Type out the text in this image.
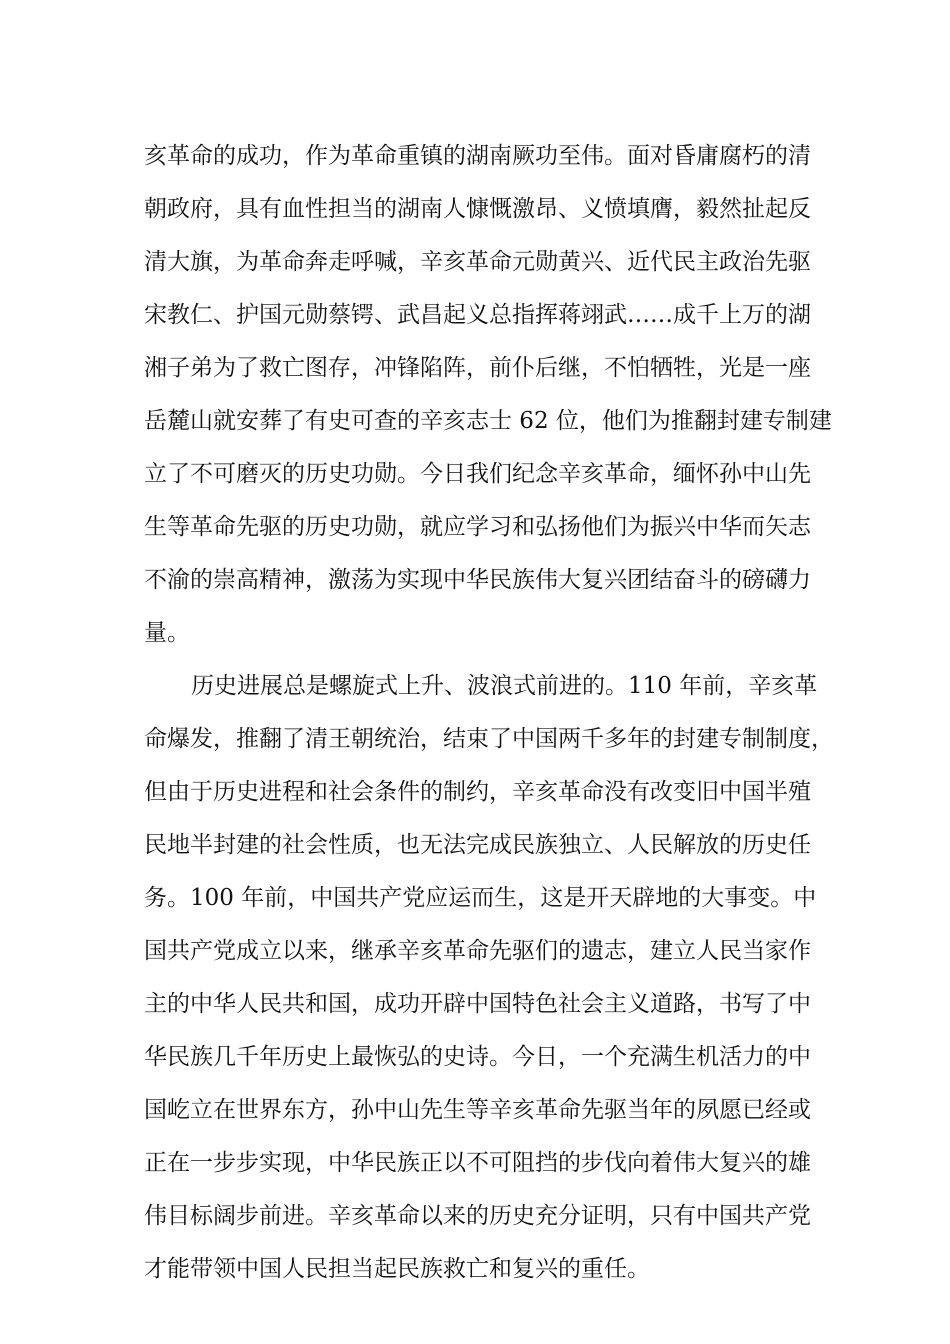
亥革命的成功，作为革命重镇的湖南厥功至伟。面对昏庸腐朽的清
朝政府，具有血性担当的湖南人慷慨激昂、义愤填膺，毅然扯起反
清大旗，为革命奔走呼喊，辛亥革命元勋黄兴、近代民主政治先驱
宋教仁、护国元勋蔡锷、武昌起义总指挥蒋翊武……成千上万的湖
湘子弟为了救亡图存，冲锋陷阵，前仆后继，不怕牺牲，光是一座
岳麓山就安葬了有史可查的辛亥志士 62 位，他们为推翻封建专制建
立了不可磨灭的历史功勋。今日我们纪念辛亥革命，缅怀孙中山先
生等革命先驱的历史功勋，就应学习和弘扬他们为振兴中华而矢志
不渝的崇高精神，激荡为实现中华民族伟大复兴团结奋斗的磅礴力
量。
历史进展总是螺旋式上升、波浪式前进的。110 年前，辛亥革
命爆发，推翻了清王朝统治，结束了中国两千多年的封建专制制度，
但由于历史进程和社会条件的制约，辛亥革命没有改变旧中国半殖
民地半封建的社会性质，也无法完成民族独立、人民解放的历史任
务。100 年前，中国共产党应运而生，这是开天辟地的大事变。中
国共产党成立以来，继承辛亥革命先驱们的遗志，建立人民当家作
主的中华人民共和国，成功开辟中国特色社会主义道路，书写了中
华民族几千年历史上最恢弘的史诗。今日，一个充满生机活力的中
国屹立在世界东方，孙中山先生等辛亥革命先驱当年的夙愿已经或
正在一步步实现，中华民族正以不可阻挡的步伐向着伟大复兴的雄
伟目标阔步前进。辛亥革命以来的历史充分证明，只有中国共产党
才能带领中国人民担当起民族救亡和复兴的重任。
